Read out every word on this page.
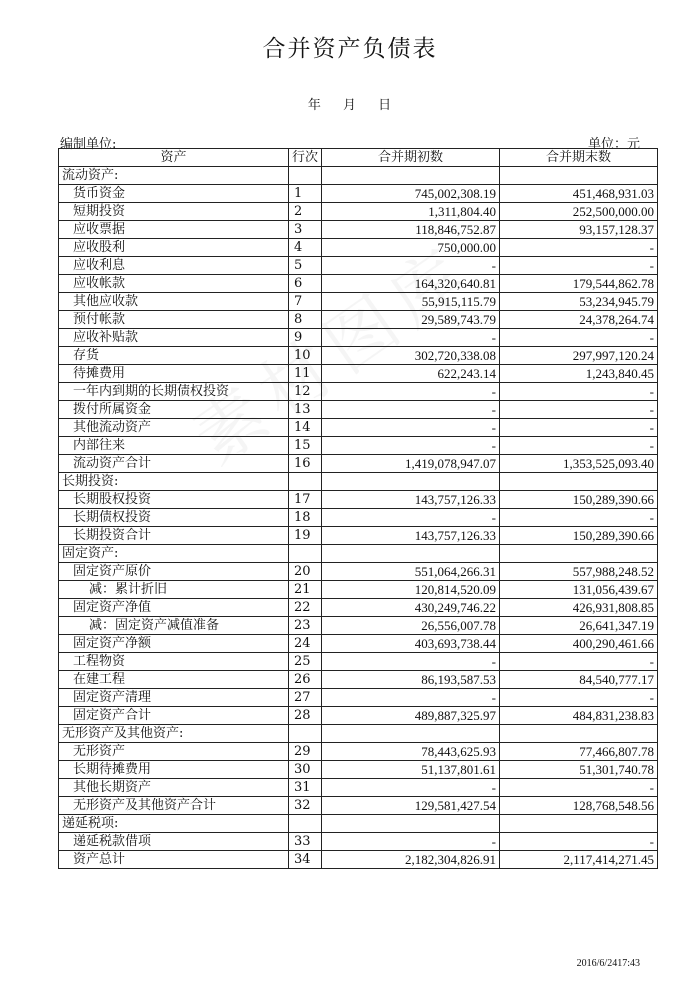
合并资产负债表
年 月 日
编制单位:	单位：元
资产	行次	合并期初数	合并期末数
流动资产:			
货币资金	1	745,002,308.19	451,468,931.03
短期投资	2	1,311,804.40	252,500,000.00
应收票据	3	118,846,752.87	93,157,128.37
应收股利	4	750,000.00	-
应收利息	5	-	-
应收帐款	6	164,320,640.81	179,544,862.78
其他应收款	7	55,915,115.79	53,234,945.79
预付帐款	8	29,589,743.79	24,378,264.74
应收补贴款	9	-	-
存货	10	302,720,338.08	297,997,120.24
待摊费用	11	622,243.14	1,243,840.45
一年内到期的长期债权投资	12	-	-
拨付所属资金	13	-	-
其他流动资产	14	-	-
内部往来	15	-	-
流动资产合计	16	1,419,078,947.07	1,353,525,093.40
长期投资:			
长期股权投资	17	143,757,126.33	150,289,390.66
长期债权投资	18	-	-
长期投资合计	19	143,757,126.33	150,289,390.66
固定资产:			
固定资产原价	20	551,064,266.31	557,988,248.52
减：累计折旧	21	120,814,520.09	131,056,439.67
固定资产净值	22	430,249,746.22	426,931,808.85
减：固定资产减值准备	23	26,556,007.78	26,641,347.19
固定资产净额	24	403,693,738.44	400,290,461.66
工程物资	25	-	-
在建工程	26	86,193,587.53	84,540,777.17
固定资产清理	27	-	-
固定资产合计	28	489,887,325.97	484,831,238.83
无形资产及其他资产:			
无形资产	29	78,443,625.93	77,466,807.78
长期待摊费用	30	51,137,801.61	51,301,740.78
其他长期资产	31	-	-
无形资产及其他资产合计	32	129,581,427.54	128,768,548.56
递延税项:			
递延税款借项	33	-	-
资产总计	34	2,182,304,826.91	2,117,414,271.45
2016/6/2417:43
